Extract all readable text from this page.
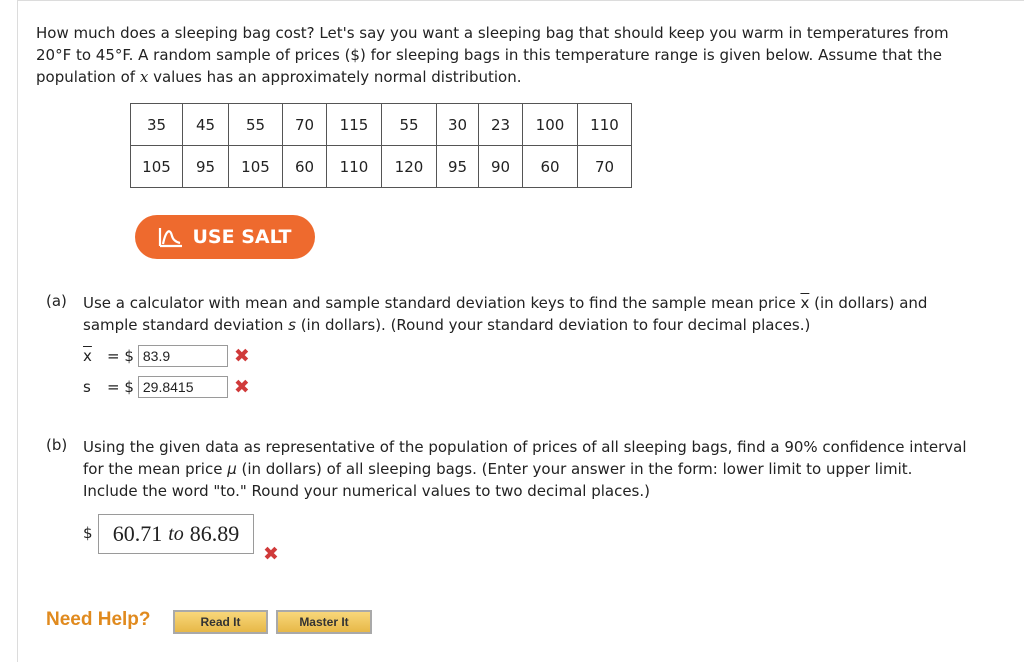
How much does a sleeping bag cost? Let's say you want a sleeping bag that should keep you warm in temperatures from
20°F to 45°F. A random sample of prices ($) for sleeping bags in this temperature range is given below. Assume that the
population of x values has an approximately normal distribution.
35	45	55	70	115	55	30	23	100	110
105	95	105	60	110	120	95	90	60	70
USE SALT
(a) Use a calculator with mean and sample standard deviation keys to find the sample mean price $\overline{x}$ (in dollars) and
sample standard deviation s (in dollars). (Round your standard deviation to four decimal places.)
$\overline{x}$	= $
83.9	✖
s	= $
29.8415	✖
(b) Using the given data as representative of the population of prices of all sleeping bags, find a 90% confidence interval
for the mean price μ (in dollars) of all sleeping bags. (Enter your answer in the form: lower limit to upper limit.
Include the word "to." Round your numerical values to two decimal places.)
$ 60.71 to 86.89
✖
Need Help?	Read It	Master It
